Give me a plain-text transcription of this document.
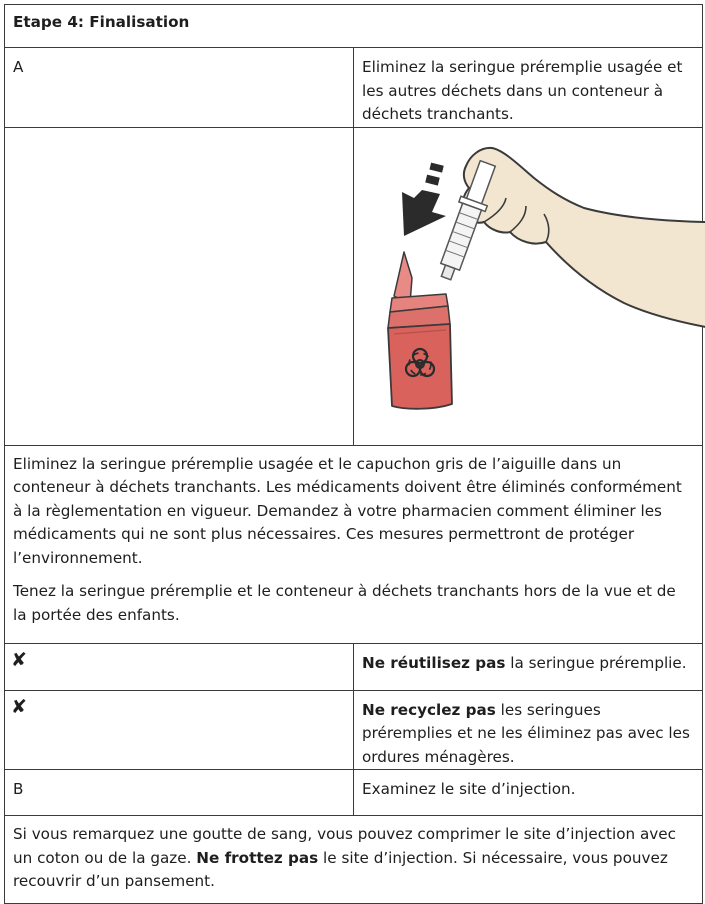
Etape 4: Finalisation	
A	Eliminez la seringue préremplie usagée et les autres déchets dans un conteneur à déchets tranchants.

Eliminez la seringue préremplie usagée et le capuchon gris de l’aiguille dans un conteneur à déchets tranchants. Les médicaments doivent être éliminés conformément à la règlementation en vigueur. Demandez à votre pharmacien comment éliminer les médicaments qui ne sont plus nécessaires. Ces mesures permettront de protéger l’environnement.

Tenez la seringue préremplie et le conteneur à déchets tranchants hors de la vue et de la portée des enfants.	

✘	Ne réutilisez pas la seringue préremplie.
✘	Ne recyclez pas les seringues préremplies et ne les éliminez pas avec les ordures ménagères.
B	Examinez le site d’injection.
Si vous remarquez une goutte de sang, vous pouvez comprimer le site d’injection avec un coton ou de la gaze. Ne frottez pas le site d’injection. Si nécessaire, vous pouvez recouvrir d’un pansement.	
